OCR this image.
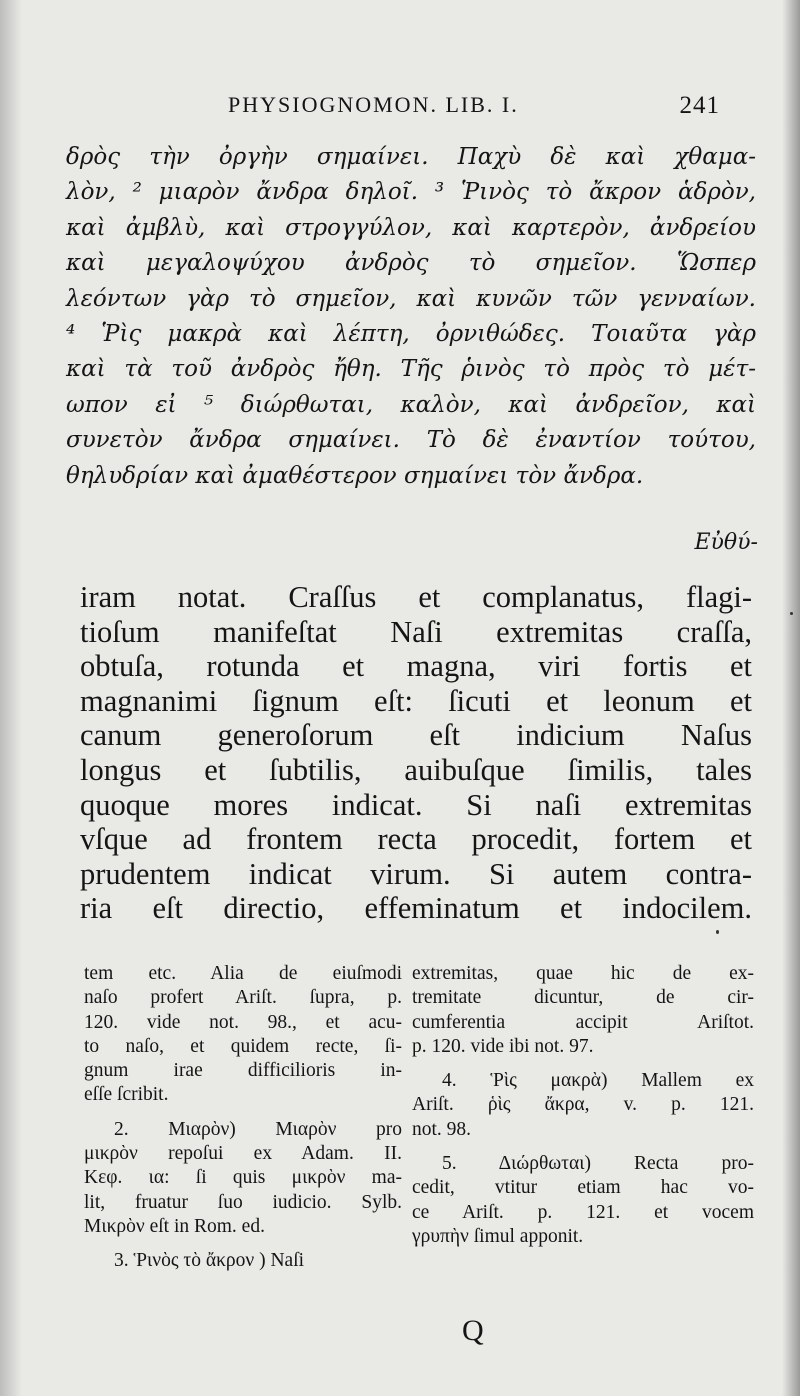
PHYSIOGNOMON. LIB. I.	241
δρὸς τὴν ὀργὴν σημαίνει. Παχὺ δὲ καὶ χθαμα-
λὸν, ² μιαρὸν ἄνδρα δηλοῖ. ³ Ῥινὸς τὸ ἄκρον ἁδρὸν,
καὶ ἀμβλὺ, καὶ στρογγύλον, καὶ καρτερὸν, ἀνδρείου
καὶ μεγαλοψύχου ἀνδρὸς τὸ σημεῖον. Ὥσπερ
λεόντων γὰρ τὸ σημεῖον, καὶ κυνῶν τῶν γενναίων.
⁴ Ῥὶς μακρὰ καὶ λέπτη, ὀρνιθώδες. Τοιαῦτα γὰρ
καὶ τὰ τοῦ ἀνδρὸς ἤθη. Τῆς ῥινὸς τὸ πρὸς τὸ μέτ-
ωπον εἰ ⁵ διώρθωται, καλὸν, καὶ ἀνδρεῖον, καὶ
συνετὸν ἄνδρα σημαίνει. Τὸ δὲ ἐναντίον τούτου,
θηλυδρίαν καὶ ἀμαθέστερον σημαίνει τὸν ἄνδρα.
Εὐθύ-
iram notat. Craſſus et complanatus, flagi-
tioſum manifeſtat Naſi extremitas craſſa,
obtuſa, rotunda et magna, viri fortis et
magnanimi ſignum eſt: ſicuti et leonum et
canum generoſorum eſt indicium Naſus
longus et ſubtilis, auibuſque ſimilis, tales
quoque mores indicat. Si naſi extremitas
vſque ad frontem recta procedit, fortem et
prudentem indicat virum. Si autem contra-
ria eſt directio, effeminatum et indocilem.
tem etc. Alia de eiuſmodi
naſo profert Ariſt. ſupra, p.
120. vide not. 98., et acu-
to naſo, et quidem recte, ſi-
gnum irae difficilioris in-
eſſe ſcribit.
2. Μιαρὸν) Μιαρὸν pro
μικρὸν repoſui ex Adam. II.
Κεφ. ια: ſi quis μικρὸν ma-
lit, fruatur ſuo iudicio. Sylb.
Μικρὸν eſt in Rom. ed.
3. Ῥινὸς τὸ ἄκρον ) Naſi
extremitas, quae hic de ex-
tremitate dicuntur, de cir-
cumferentia accipit Ariſtot.
p. 120. vide ibi not. 97.
4. Ῥὶς μακρὰ) Mallem ex
Ariſt. ῥὶς ἄκρα, v. p. 121.
not. 98.
5. Διώρθωται) Recta pro-
cedit, vtitur etiam hac vo-
ce Ariſt. p. 121. et vocem
γρυπὴν ſimul apponit.
Q
